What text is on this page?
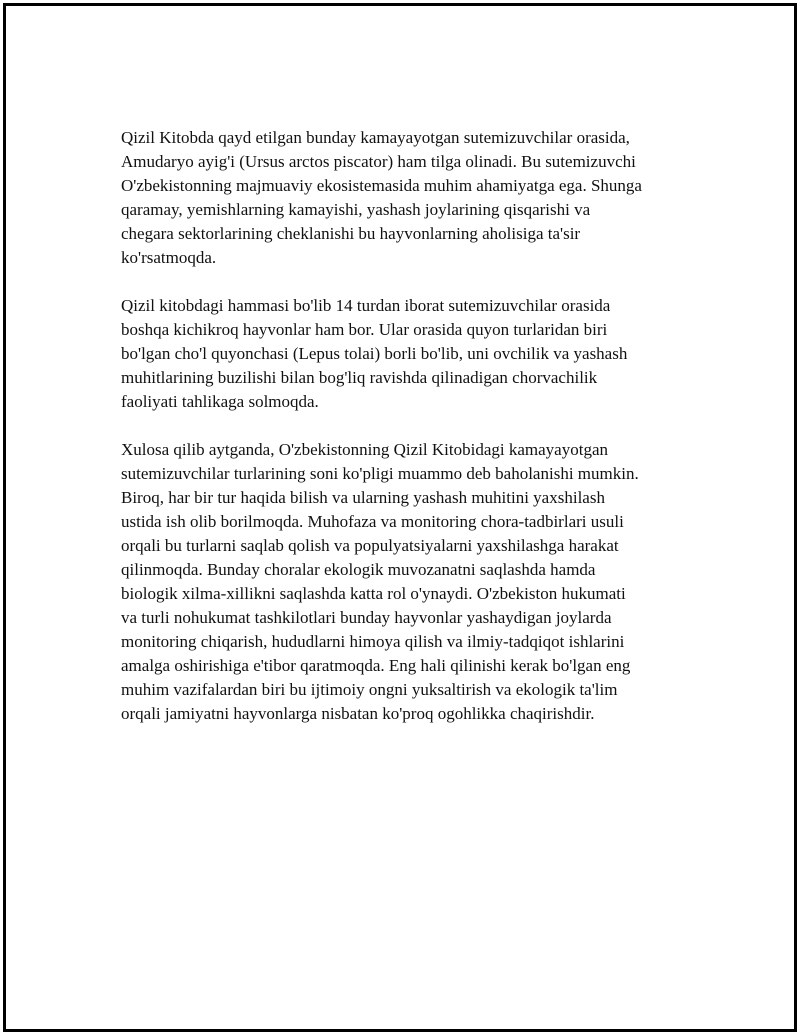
Qizil Kitobda qayd etilgan bunday kamayayotgan sutemizuvchilar orasida,
Amudaryo ayig'i (Ursus arctos piscator) ham tilga olinadi. Bu sutemizuvchi
O'zbekistonning majmuaviy ekosistemasida muhim ahamiyatga ega. Shunga
qaramay, yemishlarning kamayishi, yashash joylarining qisqarishi va
chegara sektorlarining cheklanishi bu hayvonlarning aholisiga ta'sir
ko'rsatmoqda.

Qizil kitobdagi hammasi bo'lib 14 turdan iborat sutemizuvchilar orasida
boshqa kichikroq hayvonlar ham bor. Ular orasida quyon turlaridan biri
bo'lgan cho'l quyonchasi (Lepus tolai) borli bo'lib, uni ovchilik va yashash
muhitlarining buzilishi bilan bog'liq ravishda qilinadigan chorvachilik
faoliyati tahlikaga solmoqda.

Xulosa qilib aytganda, O'zbekistonning Qizil Kitobidagi kamayayotgan
sutemizuvchilar turlarining soni ko'pligi muammo deb baholanishi mumkin.
Biroq, har bir tur haqida bilish va ularning yashash muhitini yaxshilash
ustida ish olib borilmoqda. Muhofaza va monitoring chora-tadbirlari usuli
orqali bu turlarni saqlab qolish va populyatsiyalarni yaxshilashga harakat
qilinmoqda. Bunday choralar ekologik muvozanatni saqlashda hamda
biologik xilma-xillikni saqlashda katta rol o'ynaydi. O'zbekiston hukumati
va turli nohukumat tashkilotlari bunday hayvonlar yashaydigan joylarda
monitoring chiqarish, hududlarni himoya qilish va ilmiy-tadqiqot ishlarini
amalga oshirishiga e'tibor qaratmoqda. Eng hali qilinishi kerak bo'lgan eng
muhim vazifalardan biri bu ijtimoiy ongni yuksaltirish va ekologik ta'lim
orqali jamiyatni hayvonlarga nisbatan ko'proq ogohlikka chaqirishdir.
